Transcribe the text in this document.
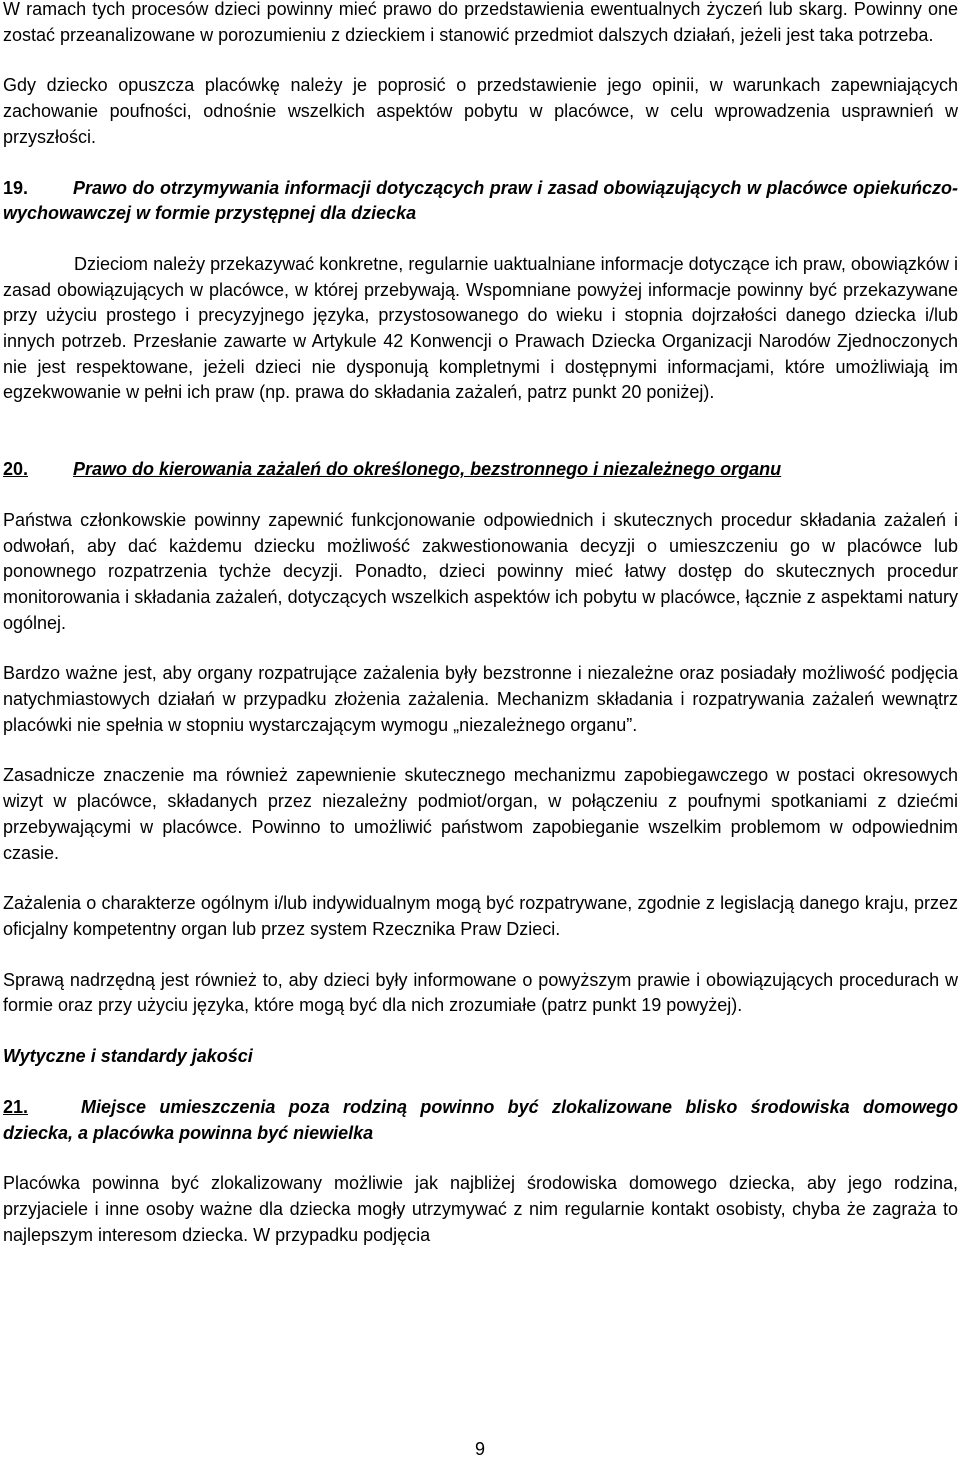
W ramach tych procesów dzieci powinny mieć prawo do przedstawienia ewentualnych życzeń lub skarg. Powinny one zostać przeanalizowane w porozumieniu z dzieckiem i stanowić przedmiot dalszych działań, jeżeli jest taka potrzeba.

Gdy dziecko opuszcza placówkę należy je poprosić o przedstawienie jego opinii, w warunkach zapewniających zachowanie poufności, odnośnie wszelkich aspektów pobytu w placówce, w celu wprowadzenia usprawnień w przyszłości.

19. Prawo do otrzymywania informacji dotyczących praw i zasad obowiązujących w placówce opiekuńczo-wychowawczej w formie przystępnej dla dziecka

Dzieciom należy przekazywać konkretne, regularnie uaktualniane informacje dotyczące ich praw, obowiązków i zasad obowiązujących w placówce, w której przebywają. Wspomniane powyżej informacje powinny być przekazywane przy użyciu prostego i precyzyjnego języka, przystosowanego do wieku i stopnia dojrzałości danego dziecka i/lub innych potrzeb. Przesłanie zawarte w Artykule 42 Konwencji o Prawach Dziecka Organizacji Narodów Zjednoczonych nie jest respektowane, jeżeli dzieci nie dysponują kompletnymi i dostępnymi informacjami, które umożliwiają im egzekwowanie w pełni ich praw (np. prawa do składania zażaleń, patrz punkt 20 poniżej).

20. Prawo do kierowania zażaleń do określonego, bezstronnego i niezależnego organu

Państwa członkowskie powinny zapewnić funkcjonowanie odpowiednich i skutecznych procedur składania zażaleń i odwołań, aby dać każdemu dziecku możliwość zakwestionowania decyzji o umieszczeniu go w placówce lub ponownego rozpatrzenia tychże decyzji. Ponadto, dzieci powinny mieć łatwy dostęp do skutecznych procedur monitorowania i składania zażaleń, dotyczących wszelkich aspektów ich pobytu w placówce, łącznie z aspektami natury ogólnej.

Bardzo ważne jest, aby organy rozpatrujące zażalenia były bezstronne i niezależne oraz posiadały możliwość podjęcia natychmiastowych działań w przypadku złożenia zażalenia. Mechanizm składania i rozpatrywania zażaleń wewnątrz placówki nie spełnia w stopniu wystarczającym wymogu „niezależnego organu”.

Zasadnicze znaczenie ma również zapewnienie skutecznego mechanizmu zapobiegawczego w postaci okresowych wizyt w placówce, składanych przez niezależny podmiot/organ, w połączeniu z poufnymi spotkaniami z dziećmi przebywającymi w placówce. Powinno to umożliwić państwom zapobieganie wszelkim problemom w odpowiednim czasie.

Zażalenia o charakterze ogólnym i/lub indywidualnym mogą być rozpatrywane, zgodnie z legislacją danego kraju, przez oficjalny kompetentny organ lub przez system Rzecznika Praw Dzieci.

Sprawą nadrzędną jest również to, aby dzieci były informowane o powyższym prawie i obowiązujących procedurach w formie oraz przy użyciu języka, które mogą być dla nich zrozumiałe (patrz punkt 19 powyżej).

Wytyczne i standardy jakości
21.	Miejsce umieszczenia poza rodziną powinno być zlokalizowane blisko środowiska domowego dziecka, a placówka powinna być niewielka

Placówka powinna być zlokalizowany możliwie jak najbliżej środowiska domowego dziecka, aby jego rodzina, przyjaciele i inne osoby ważne dla dziecka mogły utrzymywać z nim regularnie kontakt osobisty, chyba że zagraża to najlepszym interesom dziecka. W przypadku podjęcia

9
